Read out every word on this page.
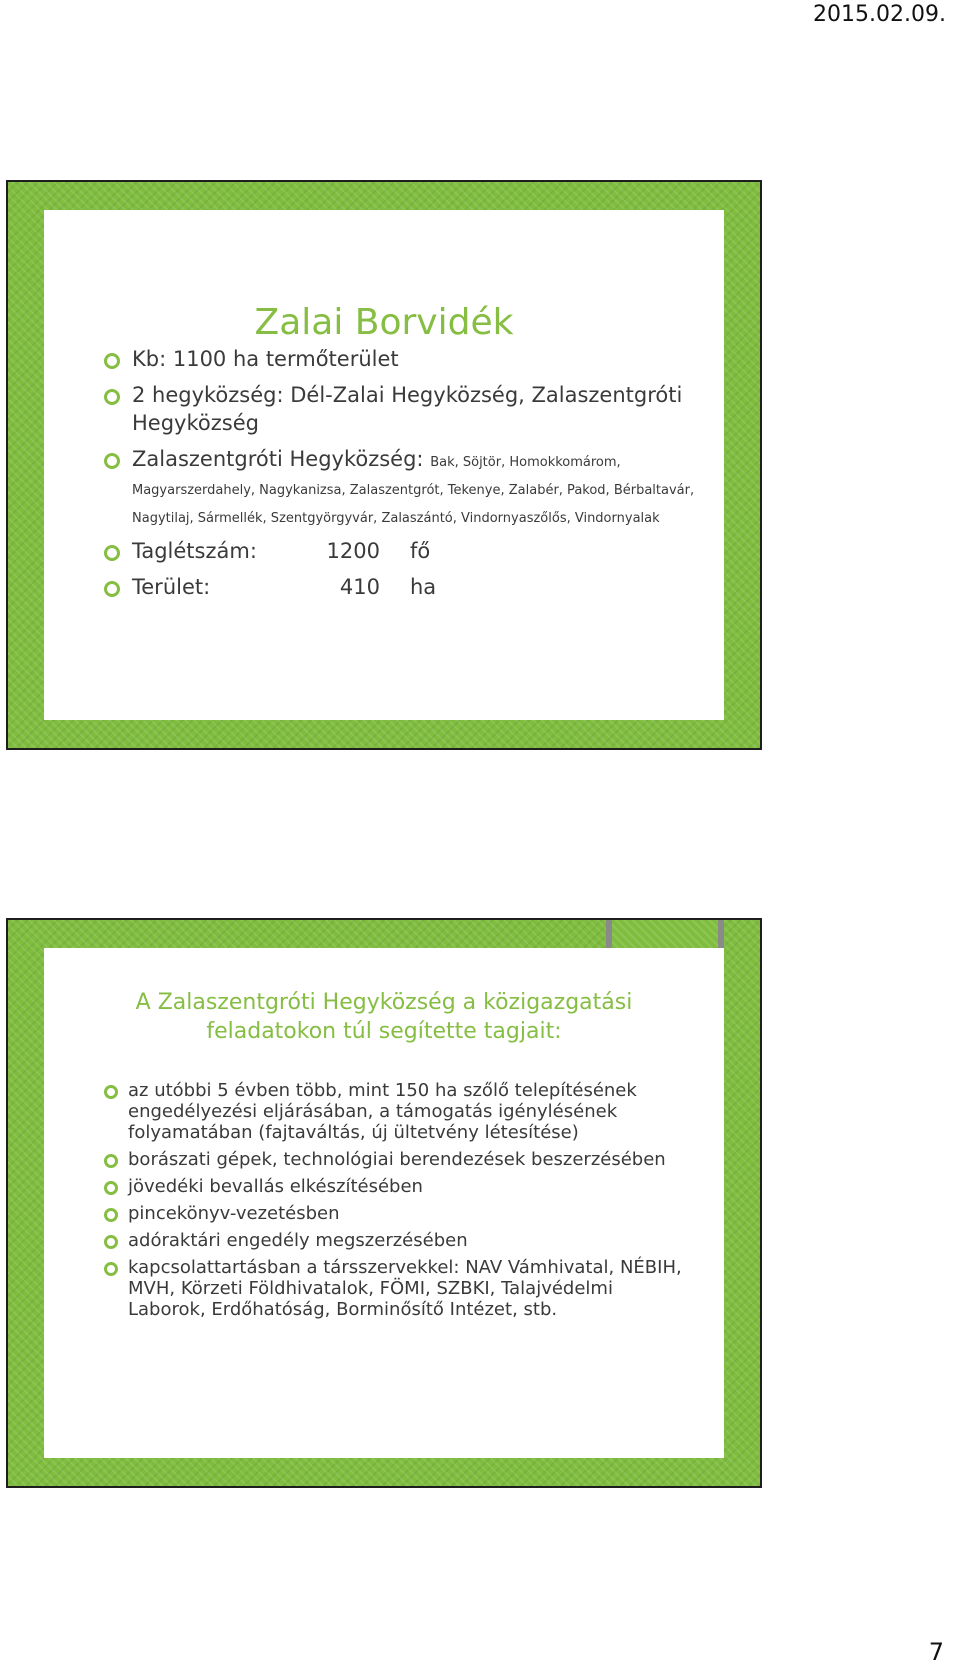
2015.02.09.
Zalai Borvidék
Kb: 1100 ha termőterület
2 hegyközség: Dél-Zalai Hegyközség, Zalaszentgróti Hegyközség
Zalaszentgróti Hegyközség: Bak, Söjtör, Homokkomárom, Magyarszerdahely, Nagykanizsa, Zalaszentgrót, Tekenye, Zalabér, Pakod, Bérbaltavár, Nagytilaj, Sármellék, Szentgyörgyvár, Zalaszántó, Vindornyaszőlős, Vindornyalak
Taglétszám:	1200 fő
Terület:	410 ha
A Zalaszentgróti Hegyközség a közigazgatási feladatokon túl segítette tagjait:
az utóbbi 5 évben több, mint 150 ha szőlő telepítésének engedélyezési eljárásában, a támogatás igénylésének folyamatában (fajtaváltás, új ültetvény létesítése)
borászati gépek, technológiai berendezések beszerzésében
jövedéki bevallás elkészítésében
pincekönyv-vezetésben
adóraktári engedély megszerzésében
kapcsolattartásban a társszervekkel: NAV Vámhivatal, NÉBIH, MVH, Körzeti Földhivatalok, FÖMI, SZBKI, Talajvédelmi Laborok, Erdőhatóság, Borminősítő Intézet, stb.
7
